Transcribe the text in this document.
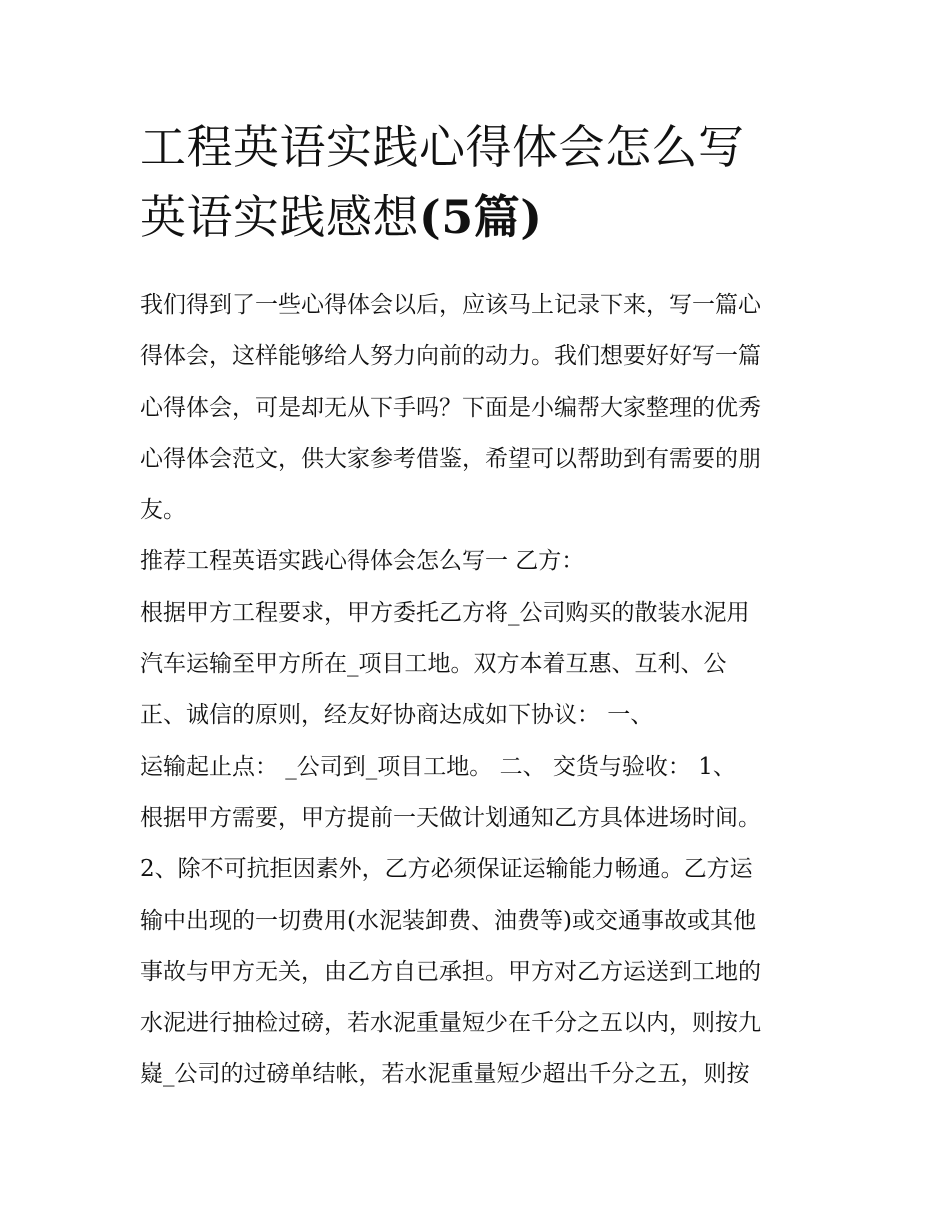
工程英语实践心得体会怎么写
英语实践感想(5篇)
我们得到了一些心得体会以后，应该马上记录下来，写一篇心
得体会，这样能够给人努力向前的动力。我们想要好好写一篇
心得体会，可是却无从下手吗？下面是小编帮大家整理的优秀
心得体会范文，供大家参考借鉴，希望可以帮助到有需要的朋
友。
推荐工程英语实践心得体会怎么写一 乙方：
根据甲方工程要求，甲方委托乙方将_公司购买的散装水泥用
汽车运输至甲方所在_项目工地。双方本着互惠、互利、公
正、诚信的原则，经友好协商达成如下协议： 一、
运输起止点： _公司到_项目工地。 二、 交货与验收： 1、
根据甲方需要，甲方提前一天做计划通知乙方具体进场时间。
2、除不可抗拒因素外，乙方必须保证运输能力畅通。乙方运
输中出现的一切费用(水泥装卸费、油费等)或交通事故或其他
事故与甲方无关，由乙方自已承担。甲方对乙方运送到工地的
水泥进行抽检过磅，若水泥重量短少在千分之五以内，则按九
嶷_公司的过磅单结帐，若水泥重量短少超出千分之五，则按
